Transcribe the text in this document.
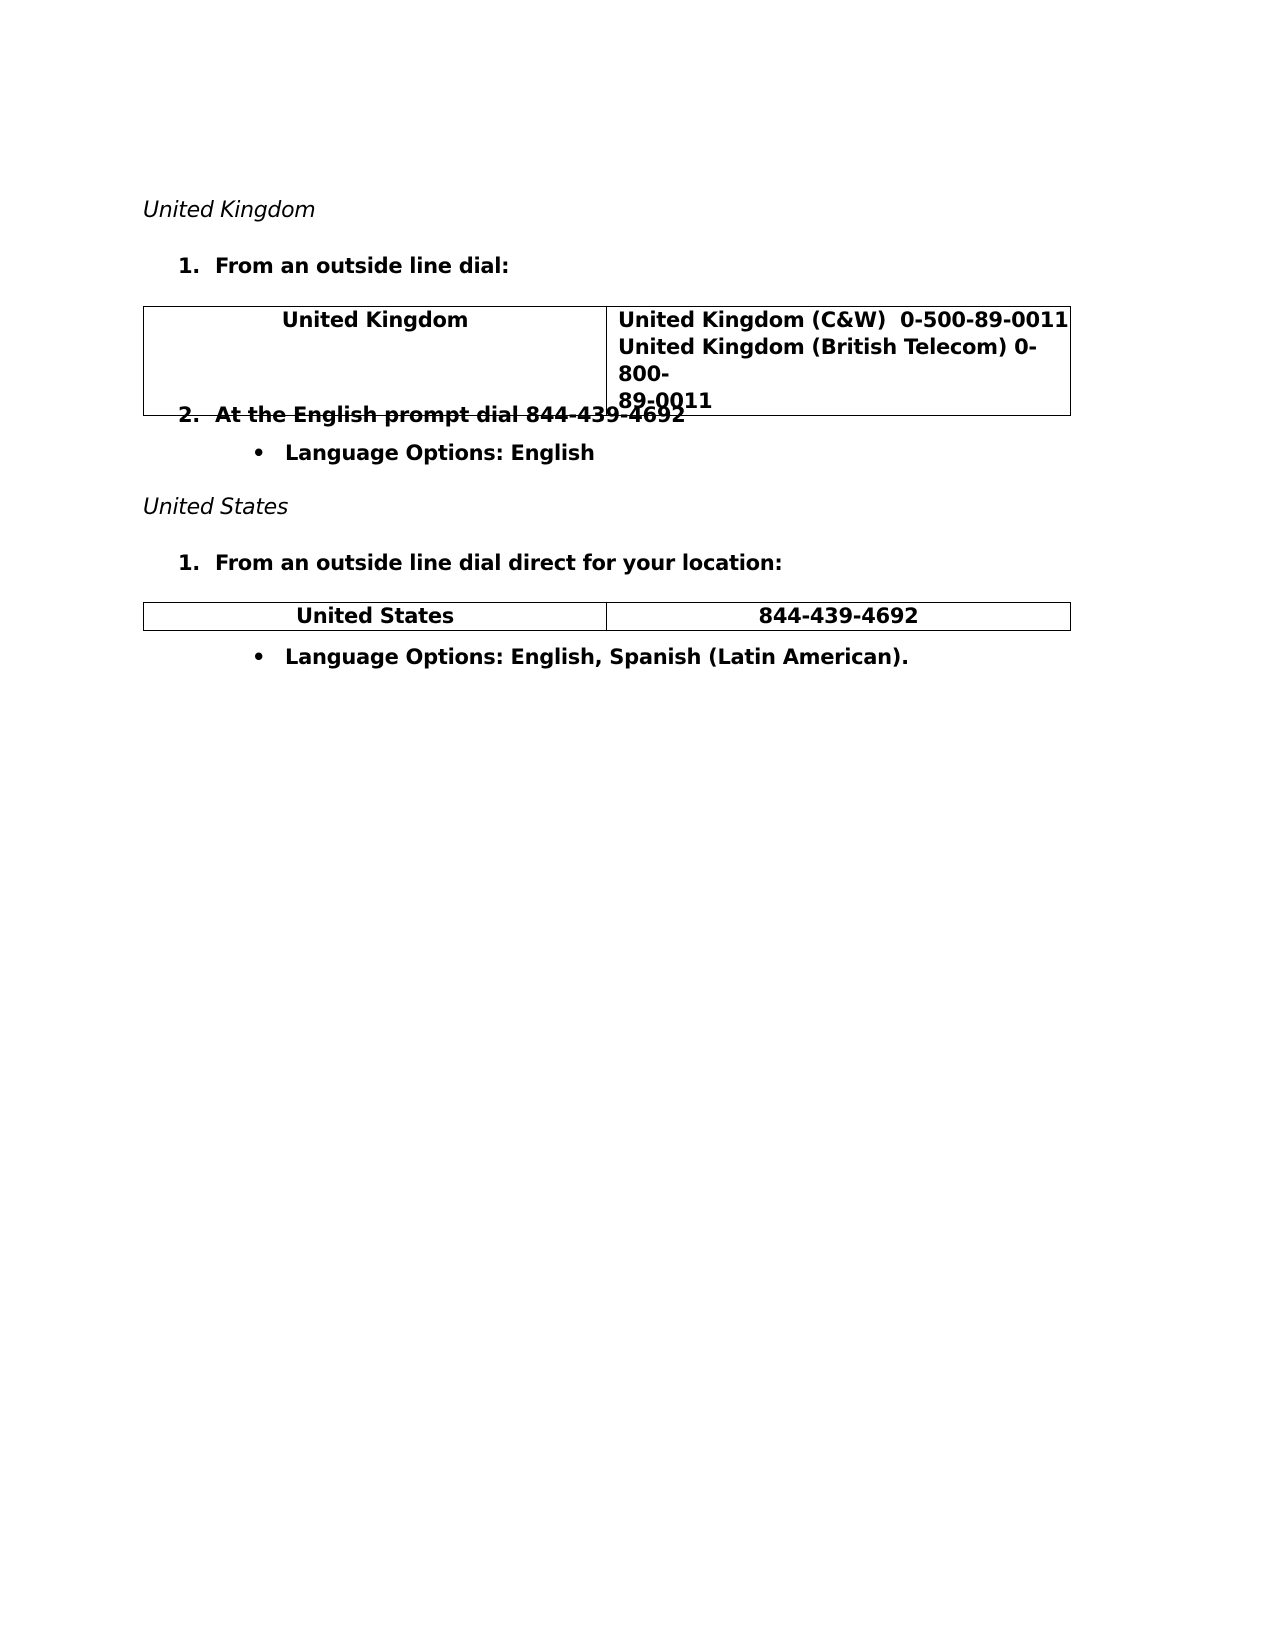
United Kingdom
1. From an outside line dial:
United Kingdom	United Kingdom (C&W)  0-500-89-0011
United Kingdom (British Telecom) 0-800-
89-0011
2. At the English prompt dial 844-439-4692
• Language Options: English
United States
1. From an outside line dial direct for your location:
United States	844-439-4692
• Language Options: English, Spanish (Latin American).
